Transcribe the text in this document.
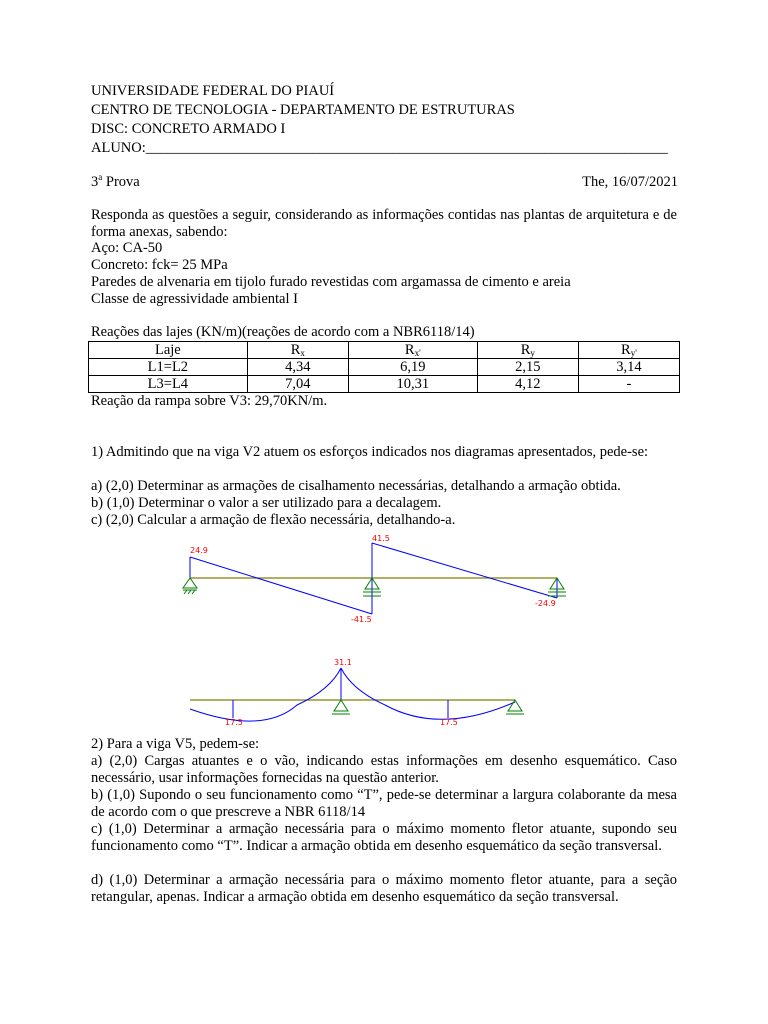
UNIVERSIDADE FEDERAL DO PIAUÍ
CENTRO DE TECNOLOGIA - DEPARTAMENTO DE ESTRUTURAS
DISC: CONCRETO ARMADO I
ALUNO:________________________________________________________________________
3$^a$ Prova	The, 16/07/2021
Responda as questões a seguir, considerando as informações contidas nas plantas de arquitetura e de forma anexas, sabendo:
Aço: CA-50
Concreto: fck= 25 MPa
Paredes de alvenaria em tijolo furado revestidas com argamassa de cimento e areia
Classe de agressividade ambiental I
Reações das lajes (KN/m)(reações de acordo com a NBR6118/14)
Laje	$R_x$	$R_{x'}$	$R_y$	$R_{y'}$
L1=L2	4,34	6,19	2,15	3,14
L3=L4	7,04	10,31	4,12	-
Reação da rampa sobre V3: 29,70KN/m.
1) Admitindo que na viga V2 atuem os esforços indicados nos diagramas apresentados, pede-se:
a) (2,0) Determinar as armações de cisalhamento necessárias, detalhando a armação obtida.
b) (1,0) Determinar o valor a ser utilizado para a decalagem.
c) (2,0) Calcular a armação de flexão necessária, detalhando-a.
24.9
41.5
-41.5
-24.9
31.1
17.5	17.5
2) Para a viga V5, pedem-se:
a) (2,0) Cargas atuantes e o vão, indicando estas informações em desenho esquemático. Caso necessário, usar informações fornecidas na questão anterior.
b) (1,0) Supondo o seu funcionamento como “T”, pede-se determinar a largura colaborante da mesa de acordo com o que prescreve a NBR 6118/14
c) (1,0) Determinar a armação necessária para o máximo momento fletor atuante, supondo seu funcionamento como “T”. Indicar a armação obtida em desenho esquemático da seção transversal.
d) (1,0) Determinar a armação necessária para o máximo momento fletor atuante, para a seção retangular, apenas. Indicar a armação obtida em desenho esquemático da seção transversal.
